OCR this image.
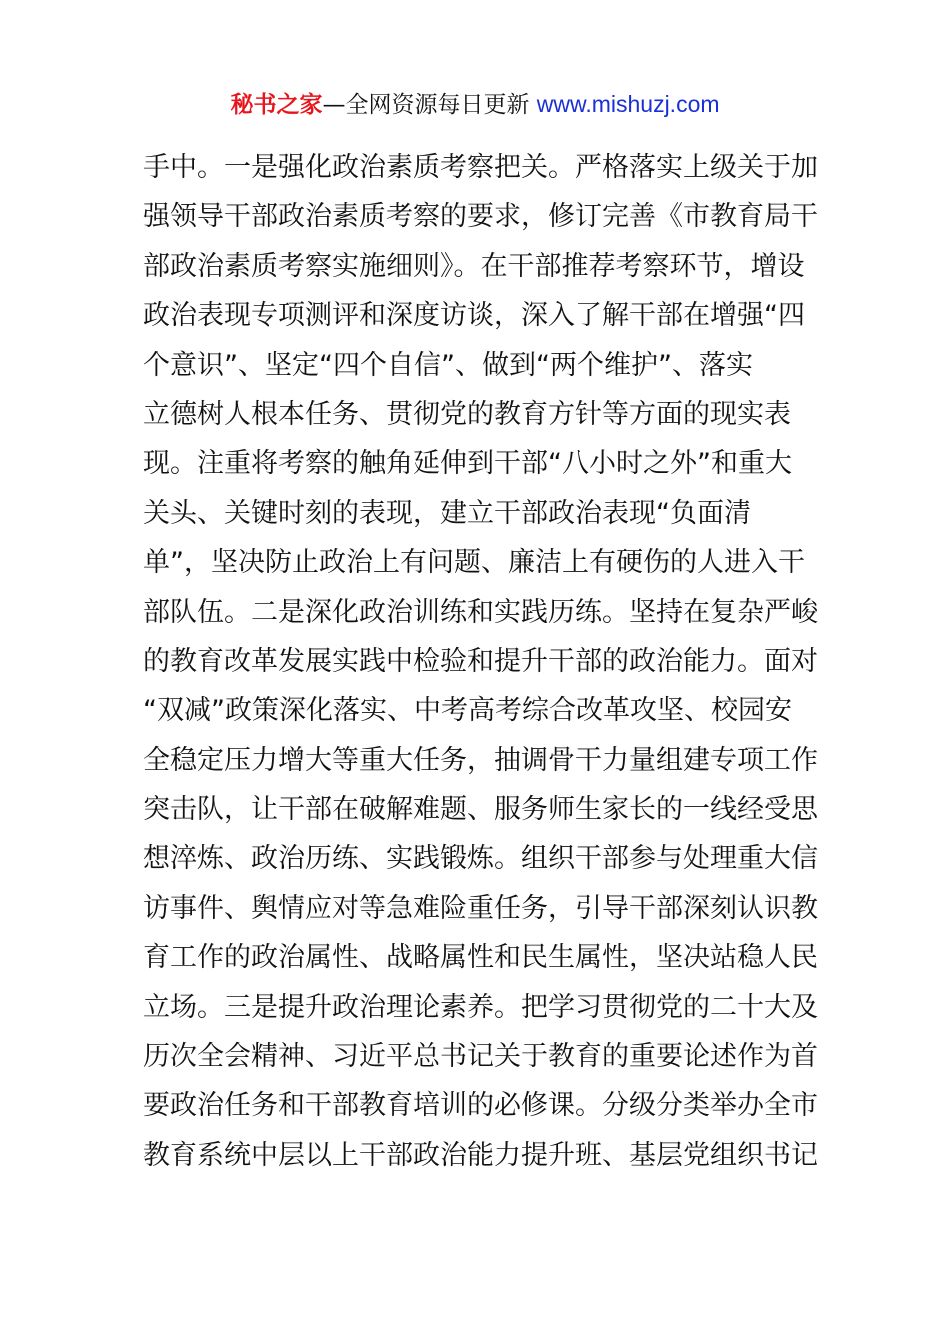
秘书之家—全网资源每日更新 www.mishuzj.com
手中。一是强化政治素质考察把关。严格落实上级关于加
强领导干部政治素质考察的要求，修订完善《市教育局干
部政治素质考察实施细则》。在干部推荐考察环节，增设
政治表现专项测评和深度访谈，深入了解干部在增强“四
个意识”、坚定“四个自信”、做到“两个维护”、落实
立德树人根本任务、贯彻党的教育方针等方面的现实表
现。注重将考察的触角延伸到干部“八小时之外”和重大
关头、关键时刻的表现，建立干部政治表现“负面清
单”，坚决防止政治上有问题、廉洁上有硬伤的人进入干
部队伍。二是深化政治训练和实践历练。坚持在复杂严峻
的教育改革发展实践中检验和提升干部的政治能力。面对
“双减”政策深化落实、中考高考综合改革攻坚、校园安
全稳定压力增大等重大任务，抽调骨干力量组建专项工作
突击队，让干部在破解难题、服务师生家长的一线经受思
想淬炼、政治历练、实践锻炼。组织干部参与处理重大信
访事件、舆情应对等急难险重任务，引导干部深刻认识教
育工作的政治属性、战略属性和民生属性，坚决站稳人民
立场。三是提升政治理论素养。把学习贯彻党的二十大及
历次全会精神、习近平总书记关于教育的重要论述作为首
要政治任务和干部教育培训的必修课。分级分类举办全市
教育系统中层以上干部政治能力提升班、基层党组织书记
